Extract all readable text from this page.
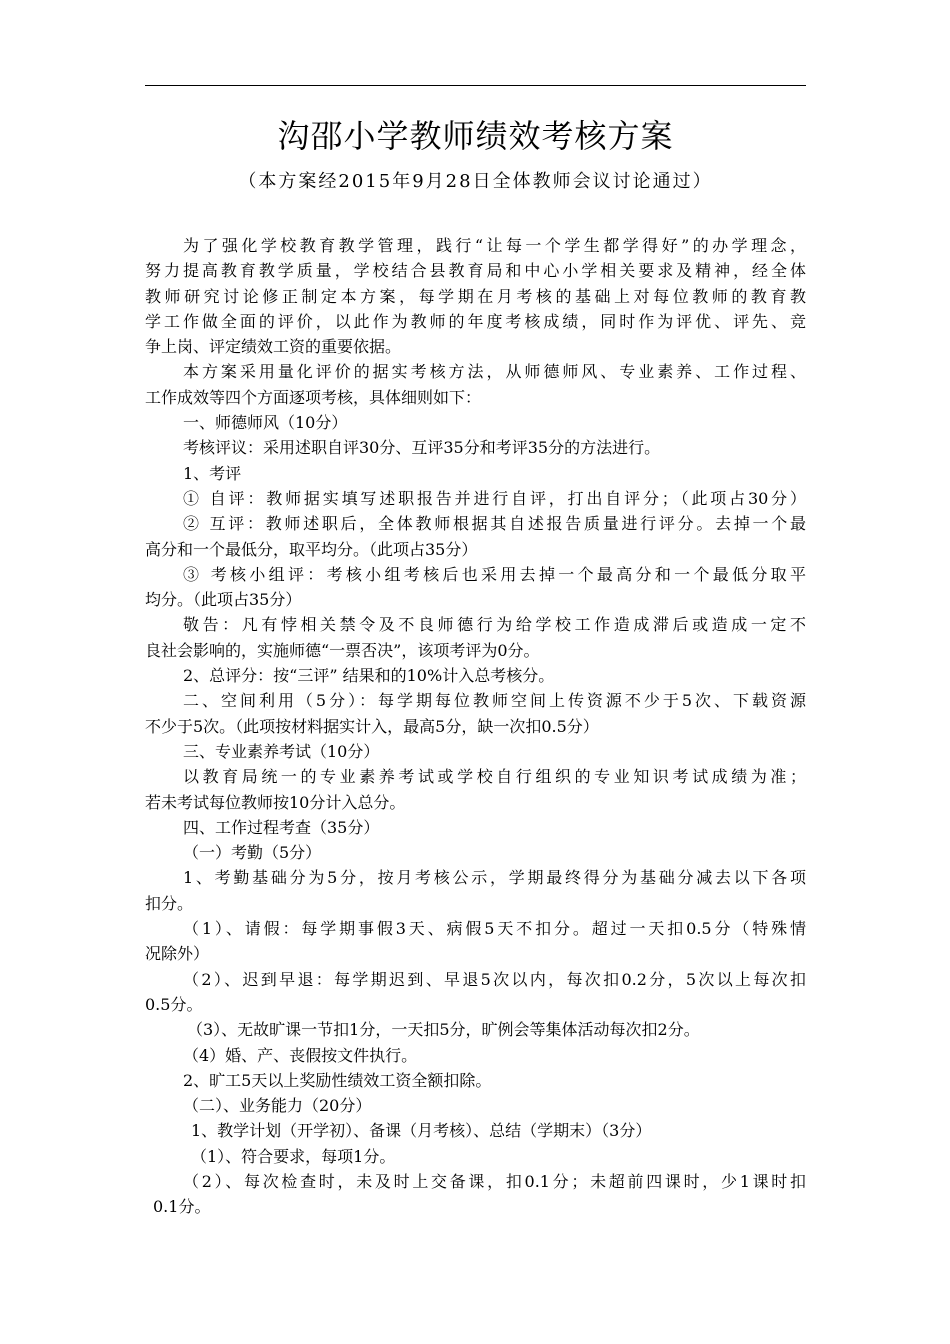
沟邵小学教师绩效考核方案
（本方案经2015年9月28日全体教师会议讨论通过）
为了强化学校教育教学管理，践行“让每一个学生都学得好”的办学理念，
努力提高教育教学质量，学校结合县教育局和中心小学相关要求及精神，经全体
教师研究讨论修正制定本方案，每学期在月考核的基础上对每位教师的教育教
学工作做全面的评价，以此作为教师的年度考核成绩，同时作为评优、评先、竞
争上岗、评定绩效工资的重要依据。
本方案采用量化评价的据实考核方法，从师德师风、专业素养、工作过程、
工作成效等四个方面逐项考核，具体细则如下：
一、师德师风（10分）
考核评议：采用述职自评30分、互评35分和考评35分的方法进行。
1、考评
① 自评：教师据实填写述职报告并进行自评，打出自评分；（此项占30分）
② 互评：教师述职后，全体教师根据其自述报告质量进行评分。去掉一个最
高分和一个最低分，取平均分。（此项占35分）
③ 考核小组评：考核小组考核后也采用去掉一个最高分和一个最低分取平
均分。（此项占35分）
敬告：凡有悖相关禁令及不良师德行为给学校工作造成滞后或造成一定不
良社会影响的，实施师德“一票否决”，该项考评为0分。
2、总评分：按“三评” 结果和的10%计入总考核分。
二、空间利用（5分）：每学期每位教师空间上传资源不少于5次、下载资源
不少于5次。（此项按材料据实计入，最高5分，缺一次扣0.5分）
三、专业素养考试（10分）
以教育局统一的专业素养考试或学校自行组织的专业知识考试成绩为准；
若未考试每位教师按10分计入总分。
四、工作过程考查（35分）
（一）考勤（5分）
1、考勤基础分为5分，按月考核公示，学期最终得分为基础分减去以下各项
扣分。
（1）、请假：每学期事假3天、病假5天不扣分。超过一天扣0.5分（特殊情
况除外）
（2）、迟到早退：每学期迟到、早退5次以内，每次扣0.2分，5次以上每次扣
0.5分。
（3）、无故旷课一节扣1分，一天扣5分，旷例会等集体活动每次扣2分。
（4）婚、产、丧假按文件执行。
2、旷工5天以上奖励性绩效工资全额扣除。
（二）、业务能力（20分）
1、教学计划（开学初）、备课（月考核）、总结（学期末）（3分）
（1）、符合要求，每项1分。
（2）、每次检查时，未及时上交备课，扣0.1分；未超前四课时，少1课时扣
0.1分。
